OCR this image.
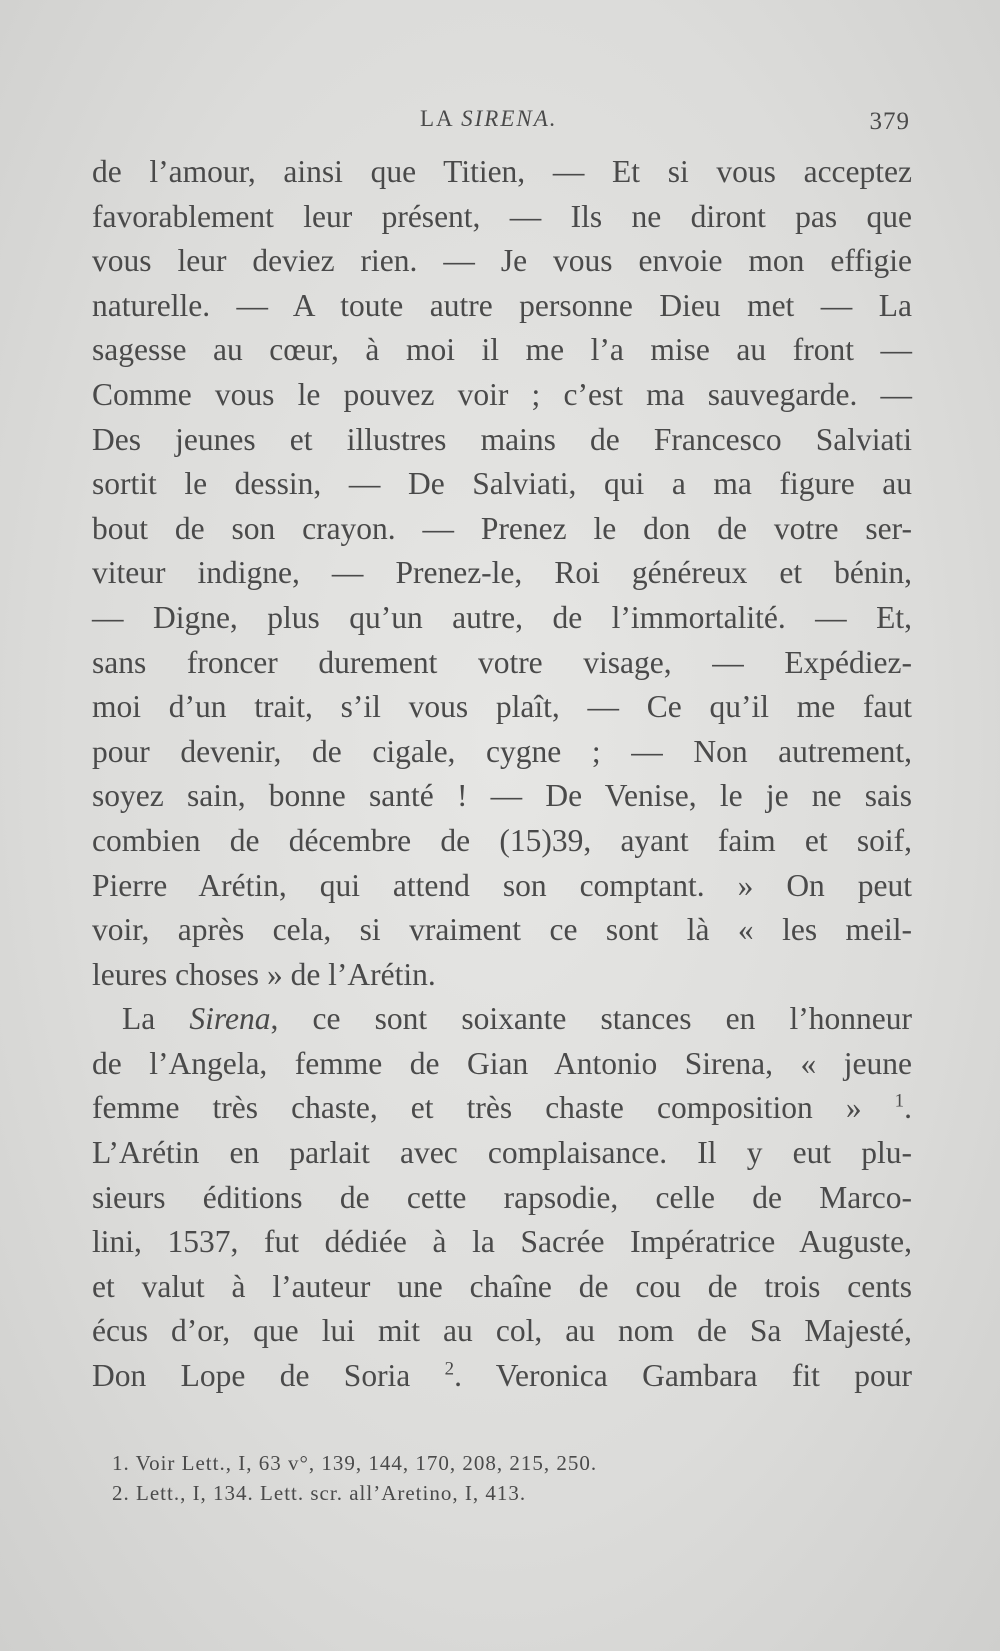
LA SIRENA.	379
de l’amour, ainsi que Titien, — Et si vous acceptez
favorablement leur présent, — Ils ne diront pas que
vous leur deviez rien. — Je vous envoie mon effigie
naturelle. — A toute autre personne Dieu met — La
sagesse au cœur, à moi il me l’a mise au front —
Comme vous le pouvez voir ; c’est ma sauvegarde. —
Des jeunes et illustres mains de Francesco Salviati
sortit le dessin, — De Salviati, qui a ma figure au
bout de son crayon. — Prenez le don de votre ser-
viteur indigne, — Prenez-le, Roi généreux et bénin,
— Digne, plus qu’un autre, de l’immortalité. — Et,
sans froncer durement votre visage, — Expédiez-
moi d’un trait, s’il vous plaît, — Ce qu’il me faut
pour devenir, de cigale, cygne ; — Non autrement,
soyez sain, bonne santé ! — De Venise, le je ne sais
combien de décembre de (15)39, ayant faim et soif,
Pierre Arétin, qui attend son comptant. » On peut
voir, après cela, si vraiment ce sont là « les meil-
leures choses » de l’Arétin.
La Sirena, ce sont soixante stances en l’honneur
de l’Angela, femme de Gian Antonio Sirena, « jeune
femme très chaste, et très chaste composition » $^1$.
L’Arétin en parlait avec complaisance. Il y eut plu-
sieurs éditions de cette rapsodie, celle de Marco-
lini, 1537, fut dédiée à la Sacrée Impératrice Auguste,
et valut à l’auteur une chaîne de cou de trois cents
écus d’or, que lui mit au col, au nom de Sa Majesté,
Don Lope de Soria $^2$. Veronica Gambara fit pour
1. Voir Lett., I, 63 v°, 139, 144, 170, 208, 215, 250.
2. Lett., I, 134. Lett. scr. all’Aretino, I, 413.
